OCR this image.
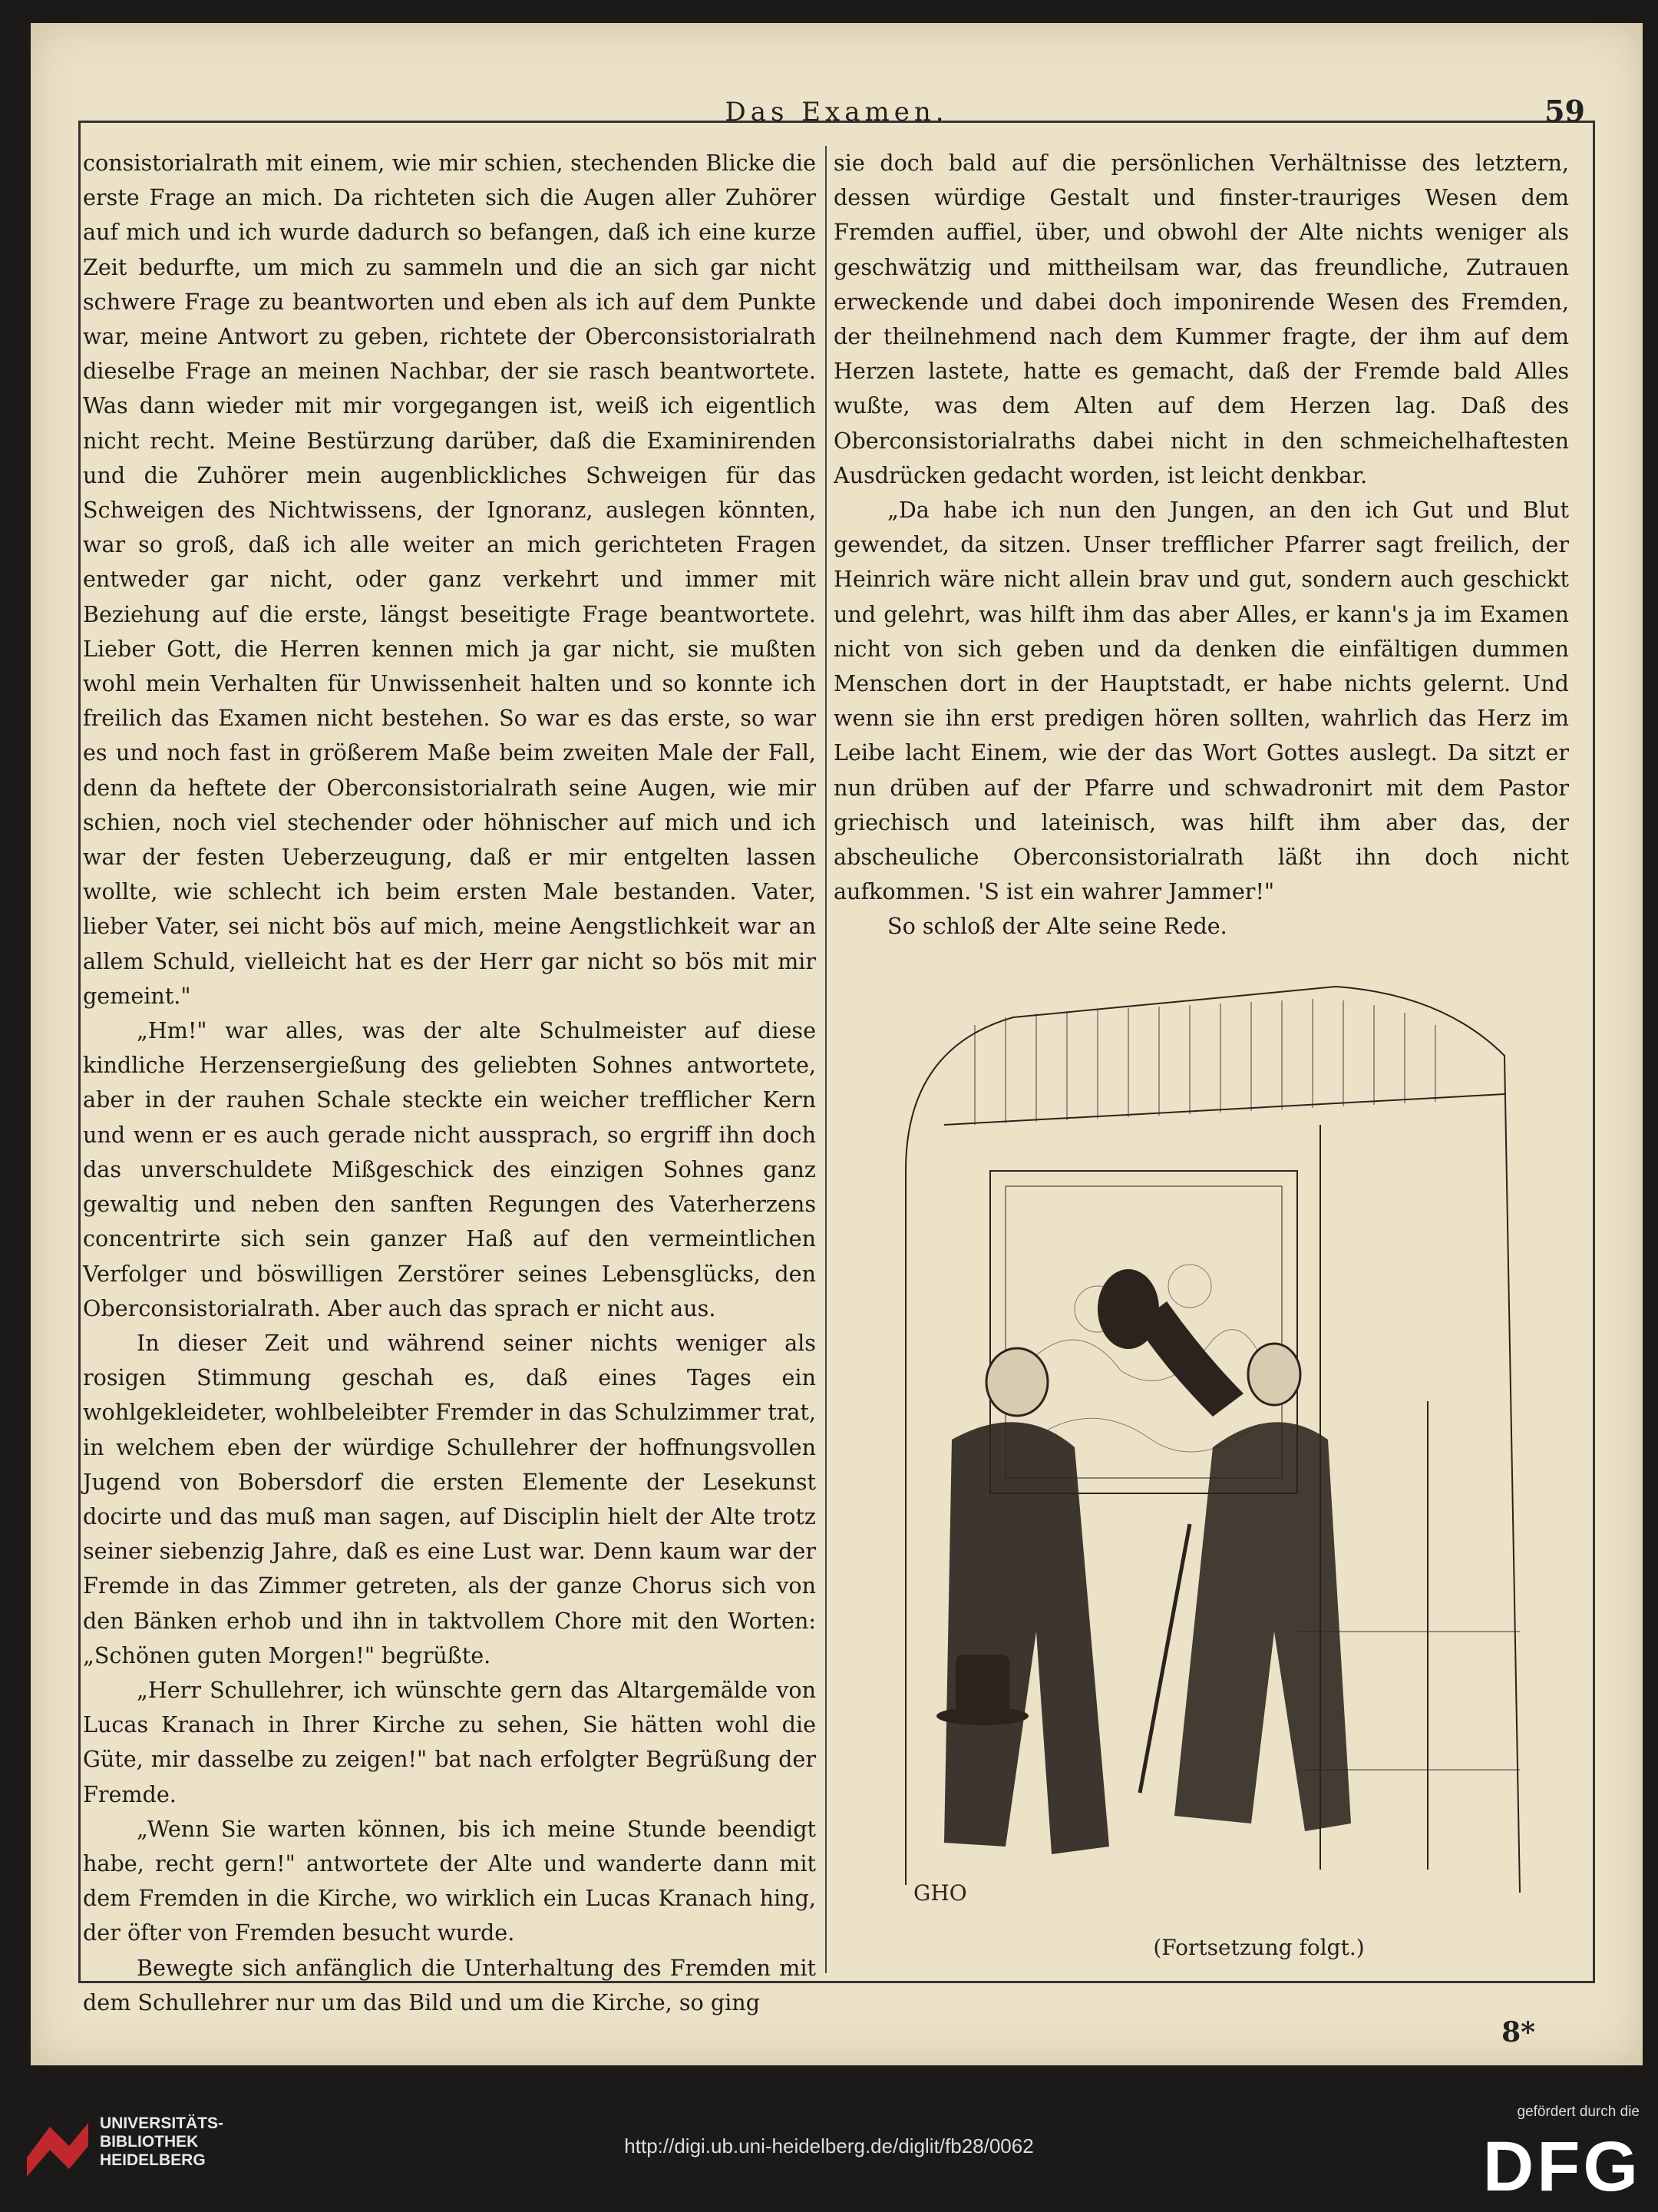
Das Examen.	59

consistorialrath mit einem, wie mir schien, stechenden Blicke die erste Frage an mich. Da richteten sich die Augen aller Zuhörer auf mich und ich wurde dadurch so befangen, daß ich eine kurze Zeit bedurfte, um mich zu sammeln und die an sich gar nicht schwere Frage zu beantworten und eben als ich auf dem Punkte war, meine Antwort zu geben, richtete der Oberconsistorialrath dieselbe Frage an meinen Nachbar, der sie rasch beantwortete. Was dann wieder mit mir vorgegangen ist, weiß ich eigentlich nicht recht. Meine Bestürzung darüber, daß die Examinirenden und die Zuhörer mein augenblickliches Schweigen für das Schweigen des Nichtwissens, der Ignoranz, auslegen könnten, war so groß, daß ich alle weiter an mich gerichteten Fragen entweder gar nicht, oder ganz verkehrt und immer mit Beziehung auf die erste, längst beseitigte Frage beantwortete. Lieber Gott, die Herren kennen mich ja gar nicht, sie mußten wohl mein Verhalten für Unwissenheit halten und so konnte ich freilich das Examen nicht bestehen. So war es das erste, so war es und noch fast in größerem Maße beim zweiten Male der Fall, denn da heftete der Oberconsistorialrath seine Augen, wie mir schien, noch viel stechender oder höhnischer auf mich und ich war der festen Ueberzeugung, daß er mir entgelten lassen wollte, wie schlecht ich beim ersten Male bestanden. Vater, lieber Vater, sei nicht bös auf mich, meine Aengstlichkeit war an allem Schuld, vielleicht hat es der Herr gar nicht so bös mit mir gemeint."

„Hm!" war alles, was der alte Schulmeister auf diese kindliche Herzensergießung des geliebten Sohnes antwortete, aber in der rauhen Schale steckte ein weicher trefflicher Kern und wenn er es auch gerade nicht aussprach, so ergriff ihn doch das unverschuldete Mißgeschick des einzigen Sohnes ganz gewaltig und neben den sanften Regungen des Vaterherzens concentrirte sich sein ganzer Haß auf den vermeintlichen Verfolger und böswilligen Zerstörer seines Lebensglücks, den Oberconsistorialrath. Aber auch das sprach er nicht aus.

In dieser Zeit und während seiner nichts weniger als rosigen Stimmung geschah es, daß eines Tages ein wohlgekleideter, wohlbeleibter Fremder in das Schulzimmer trat, in welchem eben der würdige Schullehrer der hoffnungsvollen Jugend von Bobersdorf die ersten Elemente der Lesekunst docirte und das muß man sagen, auf Disciplin hielt der Alte trotz seiner siebenzig Jahre, daß es eine Lust war. Denn kaum war der Fremde in das Zimmer getreten, als der ganze Chorus sich von den Bänken erhob und ihn in taktvollem Chore mit den Worten: „Schönen guten Morgen!" begrüßte.

„Herr Schullehrer, ich wünschte gern das Altargemälde von Lucas Kranach in Ihrer Kirche zu sehen, Sie hätten wohl die Güte, mir dasselbe zu zeigen!" bat nach erfolgter Begrüßung der Fremde.

„Wenn Sie warten können, bis ich meine Stunde beendigt habe, recht gern!" antwortete der Alte und wanderte dann mit dem Fremden in die Kirche, wo wirklich ein Lucas Kranach hing, der öfter von Fremden besucht wurde.

Bewegte sich anfänglich die Unterhaltung des Fremden mit dem Schullehrer nur um das Bild und um die Kirche, so ging

sie doch bald auf die persönlichen Verhältnisse des letztern, dessen würdige Gestalt und finster-trauriges Wesen dem Fremden auffiel, über, und obwohl der Alte nichts weniger als geschwätzig und mittheilsam war, das freundliche, Zutrauen erweckende und dabei doch imponirende Wesen des Fremden, der theilnehmend nach dem Kummer fragte, der ihm auf dem Herzen lastete, hatte es gemacht, daß der Fremde bald Alles wußte, was dem Alten auf dem Herzen lag. Daß des Oberconsistorialraths dabei nicht in den schmeichelhaftesten Ausdrücken gedacht worden, ist leicht denkbar.

„Da habe ich nun den Jungen, an den ich Gut und Blut gewendet, da sitzen. Unser trefflicher Pfarrer sagt freilich, der Heinrich wäre nicht allein brav und gut, sondern auch geschickt und gelehrt, was hilft ihm das aber Alles, er kann's ja im Examen nicht von sich geben und da denken die einfältigen dummen Menschen dort in der Hauptstadt, er habe nichts gelernt. Und wenn sie ihn erst predigen hören sollten, wahrlich das Herz im Leibe lacht Einem, wie der das Wort Gottes auslegt. Da sitzt er nun drüben auf der Pfarre und schwadronirt mit dem Pastor griechisch und lateinisch, was hilft ihm aber das, der abscheuliche Oberconsistorialrath läßt ihn doch nicht aufkommen. 'S ist ein wahrer Jammer!"

So schloß der Alte seine Rede.

GHO
(Fortsetzung folgt.)
8*
UNIVERSITÄTS-
BIBLIOTHEK
HEIDELBERG
http://digi.ub.uni-heidelberg.de/diglit/fb28/0062
gefördert durch die
DFG
